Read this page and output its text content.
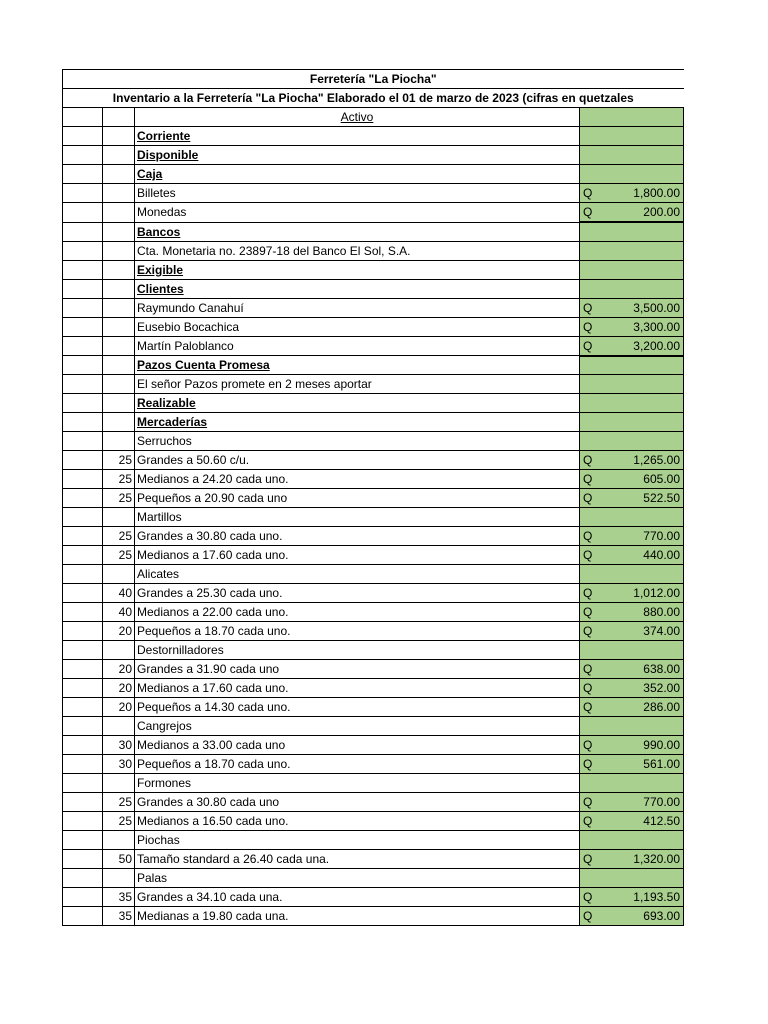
Ferretería "La Piocha"			
Inventario a la Ferretería "La Piocha" Elaborado el 01 de marzo de 2023 (cifras en quetzales			
		Activo	
		Corriente	
		Disponible	
		Caja	
		Billetes	Q 1,800.00

		Monedas	Q 200.00

		Bancos	
		Cta. Monetaria no. 23897-18 del Banco El Sol, S.A.	
		Exigible	
		Clientes	
		Raymundo Canahuí	Q 3,500.00

		Eusebio Bocachica	Q 3,300.00

		Martín Paloblanco	Q 3,200.00

		Pazos Cuenta Promesa	
		El señor Pazos promete en 2 meses aportar	
		Realizable	
		Mercaderías	
		Serruchos	
	25	Grandes a 50.60 c/u.	Q 1,265.00

	25	Medianos a 24.20 cada uno.	Q 605.00

	25	Pequeños a 20.90 cada uno	Q 522.50

		Martillos	
	25	Grandes a 30.80 cada uno.	Q 770.00

	25	Medianos a 17.60 cada uno.	Q 440.00

		Alicates	
	40	Grandes a 25.30 cada uno.	Q 1,012.00

	40	Medianos a 22.00 cada uno.	Q 880.00

	20	Pequeños a 18.70 cada uno.	Q 374.00

		Destornilladores	
	20	Grandes a 31.90 cada uno	Q 638.00

	20	Medianos a 17.60 cada uno.	Q 352.00

	20	Pequeños a 14.30 cada uno.	Q 286.00

		Cangrejos	
	30	Medianos a 33.00 cada uno	Q 990.00

	30	Pequeños a 18.70 cada uno.	Q 561.00

		Formones	
	25	Grandes a 30.80 cada uno	Q 770.00

	25	Medianos a 16.50 cada uno.	Q 412.50

		Piochas	
	50	Tamaño standard a 26.40 cada una.	Q 1,320.00

		Palas	
	35	Grandes a 34.10 cada una.	Q 1,193.50

	35	Medianas a 19.80 cada una.	Q 693.00
